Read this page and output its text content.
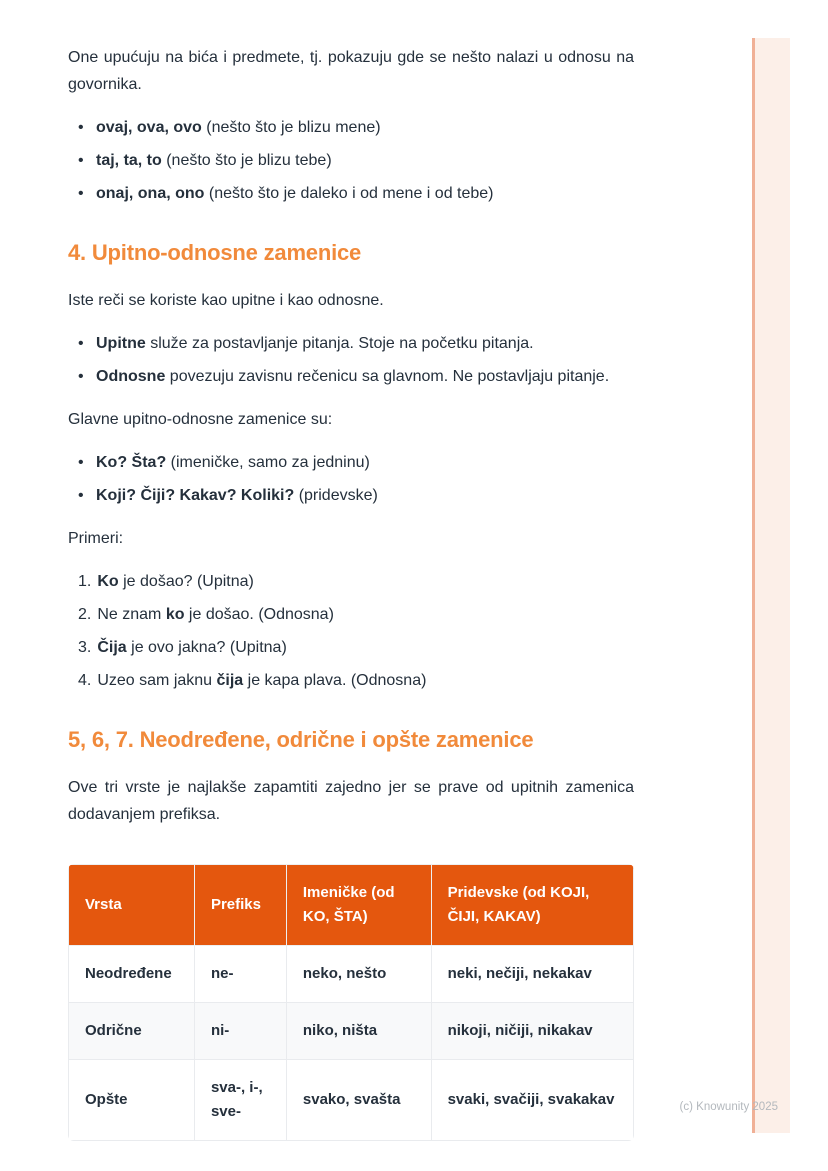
One upućuju na bića i predmete, tj. pokazuju gde se nešto nalazi u odnosu na govornika.

• ovaj, ova, ovo (nešto što je blizu mene)
• taj, ta, to (nešto što je blizu tebe)
• onaj, ona, ono (nešto što je daleko i od mene i od tebe)
4. Upitno-odnosne zamenice

Iste reči se koriste kao upitne i kao odnosne.

• Upitne služe za postavljanje pitanja. Stoje na početku pitanja.
• Odnosne povezuju zavisnu rečenicu sa glavnom. Ne postavljaju pitanje.

Glavne upitno-odnosne zamenice su:

• Ko? Šta? (imeničke, samo za jedninu)
• Koji? Čiji? Kakav? Koliki? (pridevske)

Primeri:

1. Ko je došao? (Upitna)
2. Ne znam ko je došao. (Odnosna)
3. Čija je ovo jakna? (Upitna)
4. Uzeo sam jaknu čija je kapa plava. (Odnosna)
5, 6, 7. Neodređene, odrične i opšte zamenice

Ove tri vrste je najlakše zapamtiti zajedno jer se prave od upitnih zamenica dodavanjem prefiksa.

Vrsta	Prefiks	Imeničke (od KO, ŠTA)	Pridevske (od KOJI, ČIJI, KAKAV)
Neodređene	ne-	neko, nešto	neki, nečiji, nekakav
Odrične	ni-	niko, ništa	nikoji, ničiji, nikakav
Opšte	sva-, i-, sve-	svako, svašta	svaki, svačiji, svakakav	(c) Knowunity 2025
